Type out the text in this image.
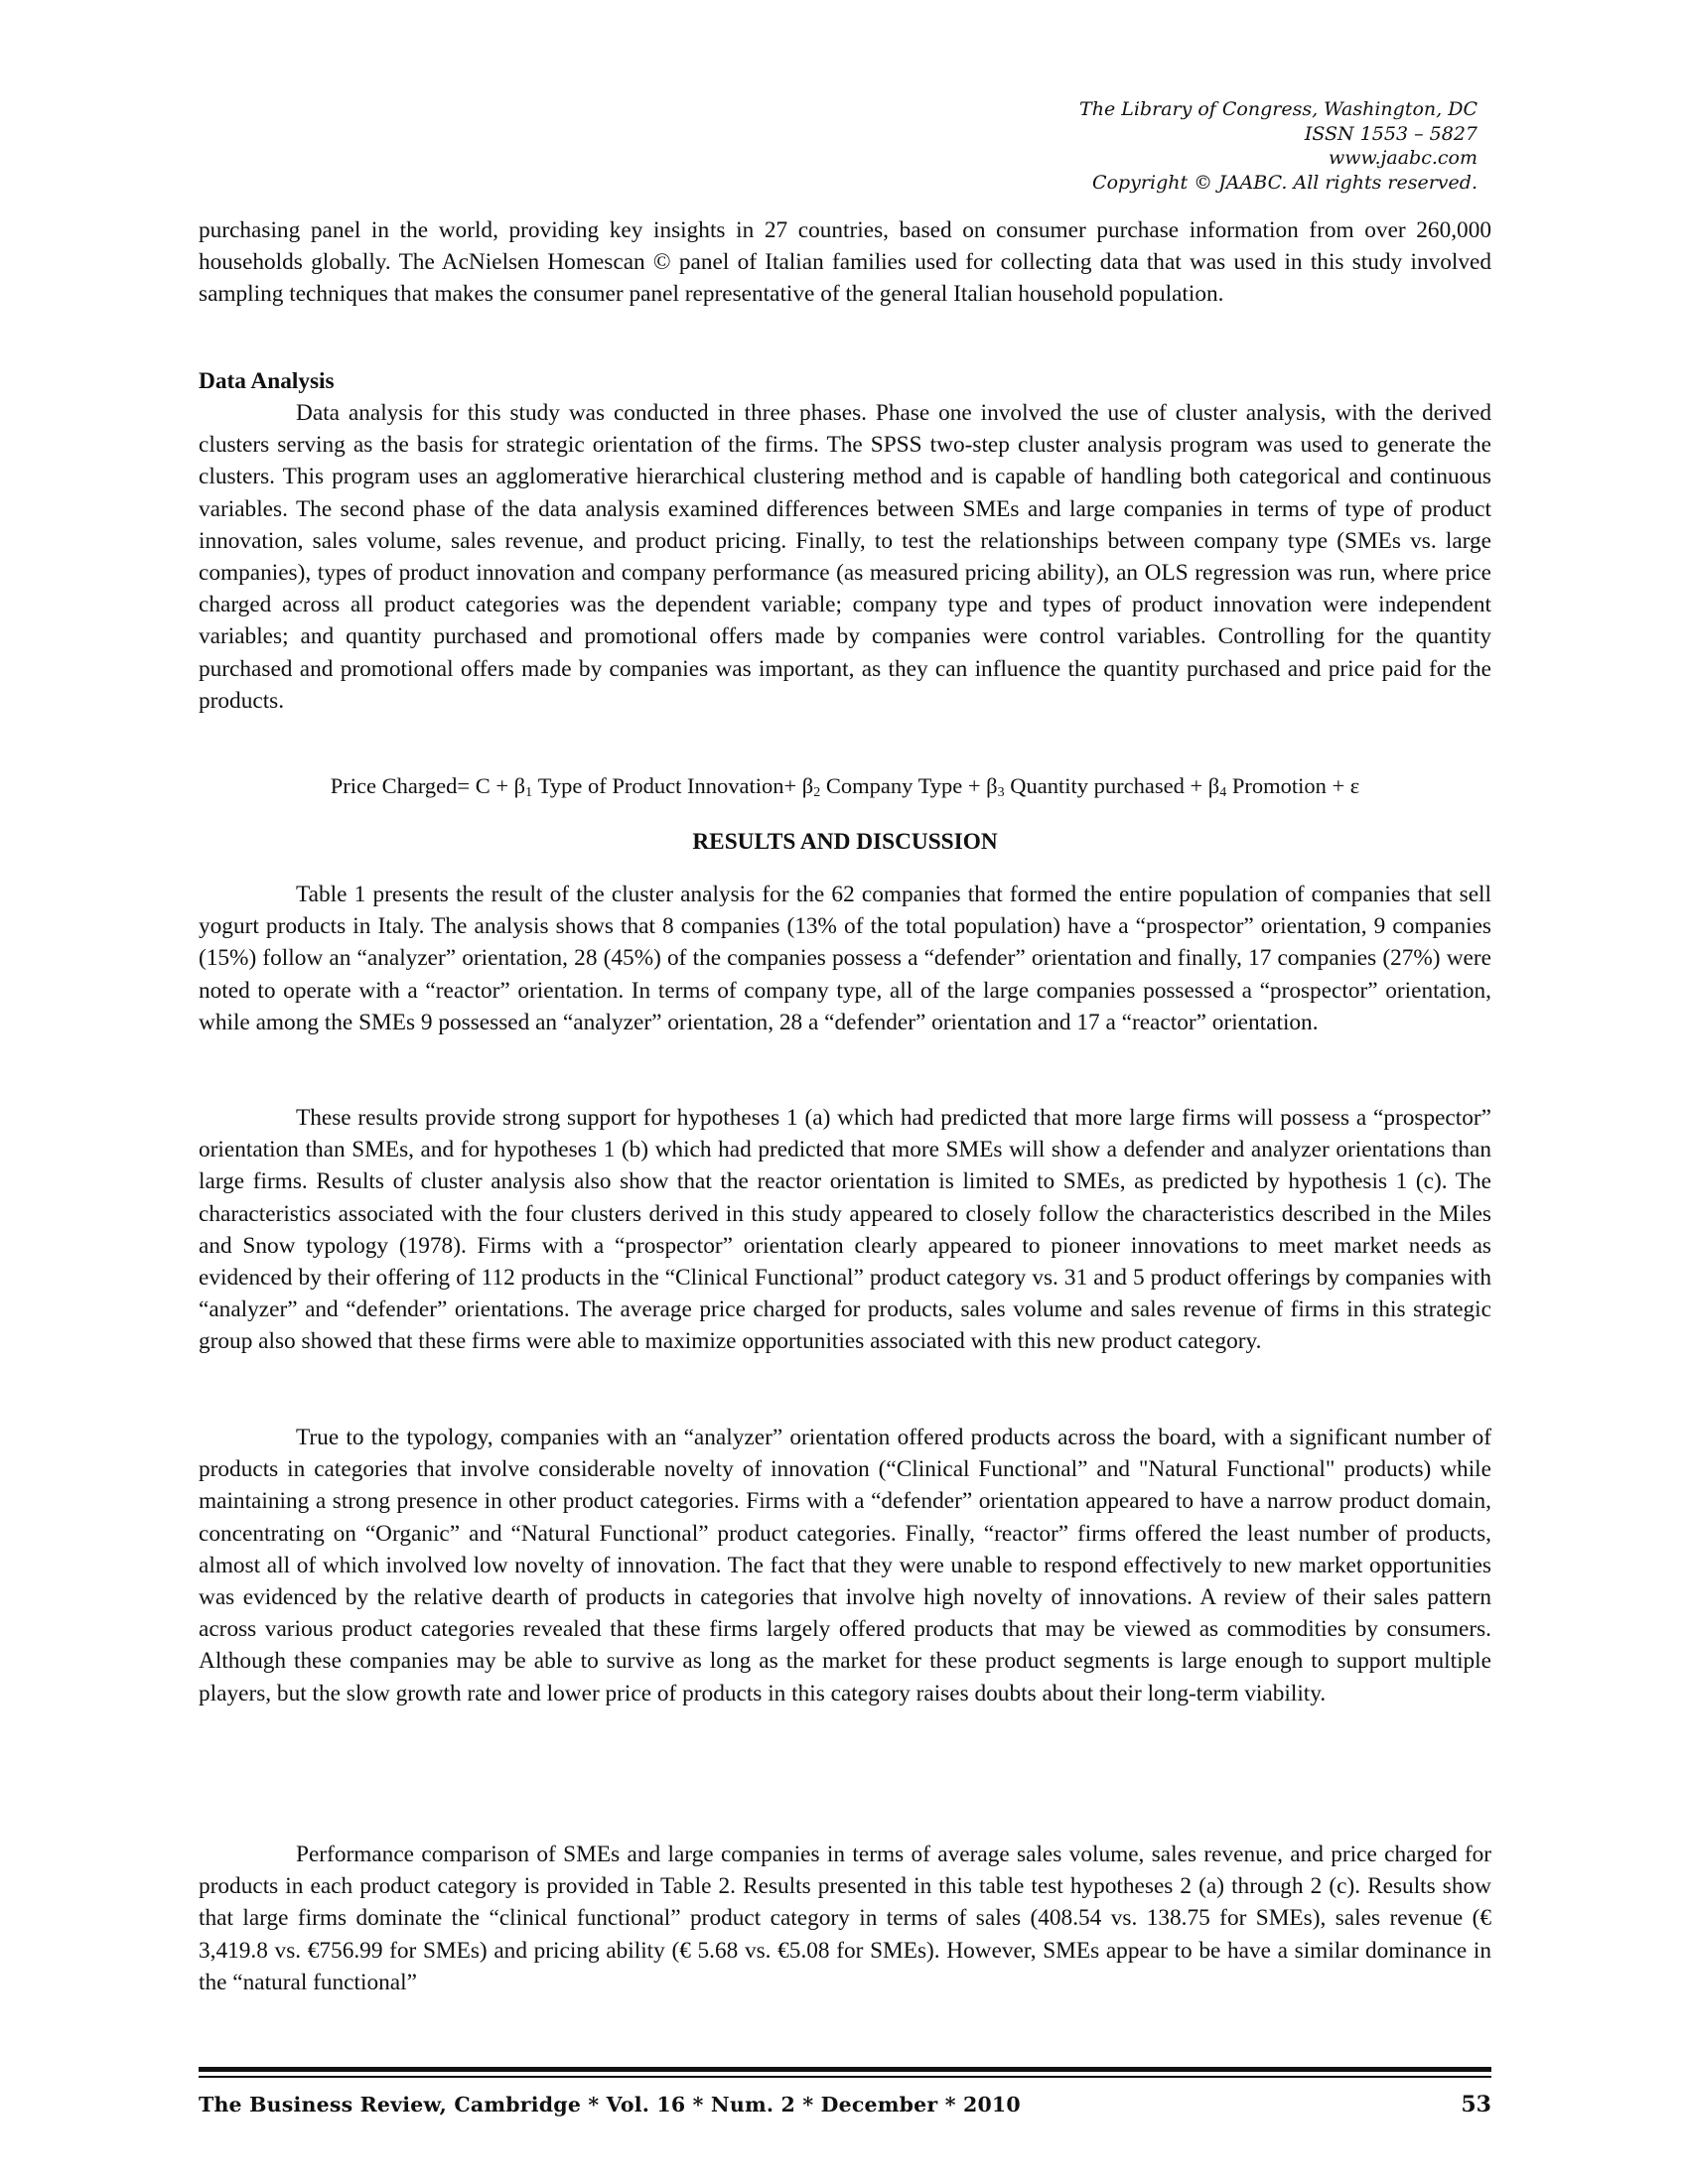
The Library of Congress, Washington, DC
ISSN 1553 – 5827
www.jaabc.com
Copyright © JAABC. All rights reserved.

purchasing panel in the world, providing key insights in 27 countries, based on consumer purchase information from over 260,000 households globally. The AcNielsen Homescan © panel of Italian families used for collecting data that was used in this study involved sampling techniques that makes the consumer panel representative of the general Italian household population.

Data Analysis

Data analysis for this study was conducted in three phases. Phase one involved the use of cluster analysis, with the derived clusters serving as the basis for strategic orientation of the firms. The SPSS two-step cluster analysis program was used to generate the clusters. This program uses an agglomerative hierarchical clustering method and is capable of handling both categorical and continuous variables. The second phase of the data analysis examined differences between SMEs and large companies in terms of type of product innovation, sales volume, sales revenue, and product pricing. Finally, to test the relationships between company type (SMEs vs. large companies), types of product innovation and company performance (as measured pricing ability), an OLS regression was run, where price charged across all product categories was the dependent variable; company type and types of product innovation were independent variables; and quantity purchased and promotional offers made by companies were control variables. Controlling for the quantity purchased and promotional offers made by companies was important, as they can influence the quantity purchased and price paid for the products.

Price Charged= $C + \beta_1$ Type of Product Innovation+ $\beta_2$ Company Type + $\beta_3$ Quantity purchased + $\beta_4$ Promotion + ε
RESULTS AND DISCUSSION

Table 1 presents the result of the cluster analysis for the 62 companies that formed the entire population of companies that sell yogurt products in Italy. The analysis shows that 8 companies (13% of the total population) have a “prospector” orientation, 9 companies (15%) follow an “analyzer” orientation, 28 (45%) of the companies possess a “defender” orientation and finally, 17 companies (27%) were noted to operate with a “reactor” orientation. In terms of company type, all of the large companies possessed a “prospector” orientation, while among the SMEs 9 possessed an “analyzer” orientation, 28 a “defender” orientation and 17 a “reactor” orientation.

These results provide strong support for hypotheses 1 (a) which had predicted that more large firms will possess a “prospector” orientation than SMEs, and for hypotheses 1 (b) which had predicted that more SMEs will show a defender and analyzer orientations than large firms. Results of cluster analysis also show that the reactor orientation is limited to SMEs, as predicted by hypothesis 1 (c). The characteristics associated with the four clusters derived in this study appeared to closely follow the characteristics described in the Miles and Snow typology (1978). Firms with a “prospector” orientation clearly appeared to pioneer innovations to meet market needs as evidenced by their offering of 112 products in the “Clinical Functional” product category vs. 31 and 5 product offerings by companies with “analyzer” and “defender” orientations. The average price charged for products, sales volume and sales revenue of firms in this strategic group also showed that these firms were able to maximize opportunities associated with this new product category.

True to the typology, companies with an “analyzer” orientation offered products across the board, with a significant number of products in categories that involve considerable novelty of innovation (“Clinical Functional” and "Natural Functional" products) while maintaining a strong presence in other product categories. Firms with a “defender” orientation appeared to have a narrow product domain, concentrating on “Organic” and “Natural Functional” product categories. Finally, “reactor” firms offered the least number of products, almost all of which involved low novelty of innovation. The fact that they were unable to respond effectively to new market opportunities was evidenced by the relative dearth of products in categories that involve high novelty of innovations. A review of their sales pattern across various product categories revealed that these firms largely offered products that may be viewed as commodities by consumers. Although these companies may be able to survive as long as the market for these product segments is large enough to support multiple players, but the slow growth rate and lower price of products in this category raises doubts about their long-term viability.

Performance comparison of SMEs and large companies in terms of average sales volume, sales revenue, and price charged for products in each product category is provided in Table 2. Results presented in this table test hypotheses 2 (a) through 2 (c). Results show that large firms dominate the “clinical functional” product category in terms of sales (408.54 vs. 138.75 for SMEs), sales revenue (€ 3,419.8 vs. €756.99 for SMEs) and pricing ability (€ 5.68 vs. €5.08 for SMEs). However, SMEs appear to be have a similar dominance in the “natural functional”

The Business Review, Cambridge * Vol. 16 * Num. 2 * December * 2010	53
